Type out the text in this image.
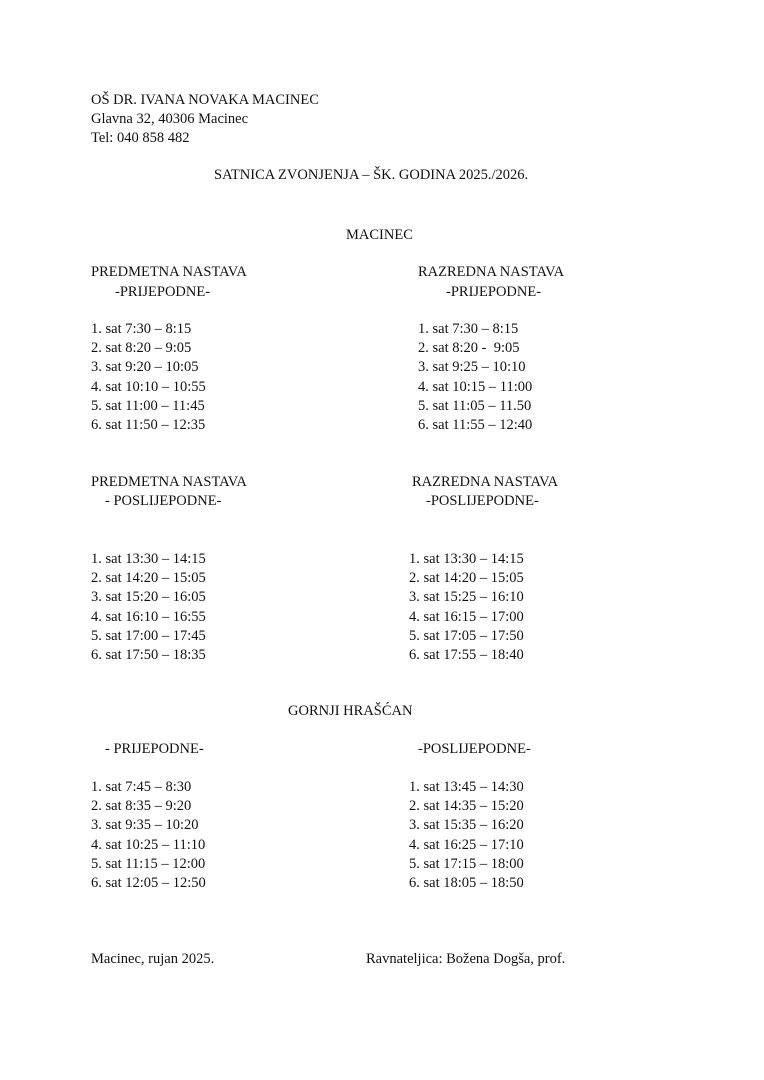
OŠ DR. IVANA NOVAKA MACINEC
Glavna 32, 40306 Macinec
Tel: 040 858 482
SATNICA ZVONJENJA – ŠK. GODINA 2025./2026.
MACINEC
PREDMETNA NASTAVA
-PRIJEPODNE-
1. sat 7:30 – 8:15
2. sat 8:20 – 9:05
3. sat 9:20 – 10:05
4. sat 10:10 – 10:55
5. sat 11:00 – 11:45
6. sat 11:50 – 12:35
RAZREDNA NASTAVA
-PRIJEPODNE-
1. sat 7:30 – 8:15
2. sat 8:20 -  9:05
3. sat 9:25 – 10:10
4. sat 10:15 – 11:00
5. sat 11:05 – 11.50
6. sat 11:55 – 12:40
PREDMETNA NASTAVA
- POSLIJEPODNE-
1. sat 13:30 – 14:15
2. sat 14:20 – 15:05
3. sat 15:20 – 16:05
4. sat 16:10 – 16:55
5. sat 17:00 – 17:45
6. sat 17:50 – 18:35
RAZREDNA NASTAVA
-POSLIJEPODNE-
1. sat 13:30 – 14:15
2. sat 14:20 – 15:05
3. sat 15:25 – 16:10
4. sat 16:15 – 17:00
5. sat 17:05 – 17:50
6. sat 17:55 – 18:40
GORNJI HRAŠĆAN
- PRIJEPODNE-
1. sat 7:45 – 8:30
2. sat 8:35 – 9:20
3. sat 9:35 – 10:20
4. sat 10:25 – 11:10
5. sat 11:15 – 12:00
6. sat 12:05 – 12:50
-POSLIJEPODNE-
1. sat 13:45 – 14:30
2. sat 14:35 – 15:20
3. sat 15:35 – 16:20
4. sat 16:25 – 17:10
5. sat 17:15 – 18:00
6. sat 18:05 – 18:50
Macinec, rujan 2025.	Ravnateljica: Božena Dogša, prof.
